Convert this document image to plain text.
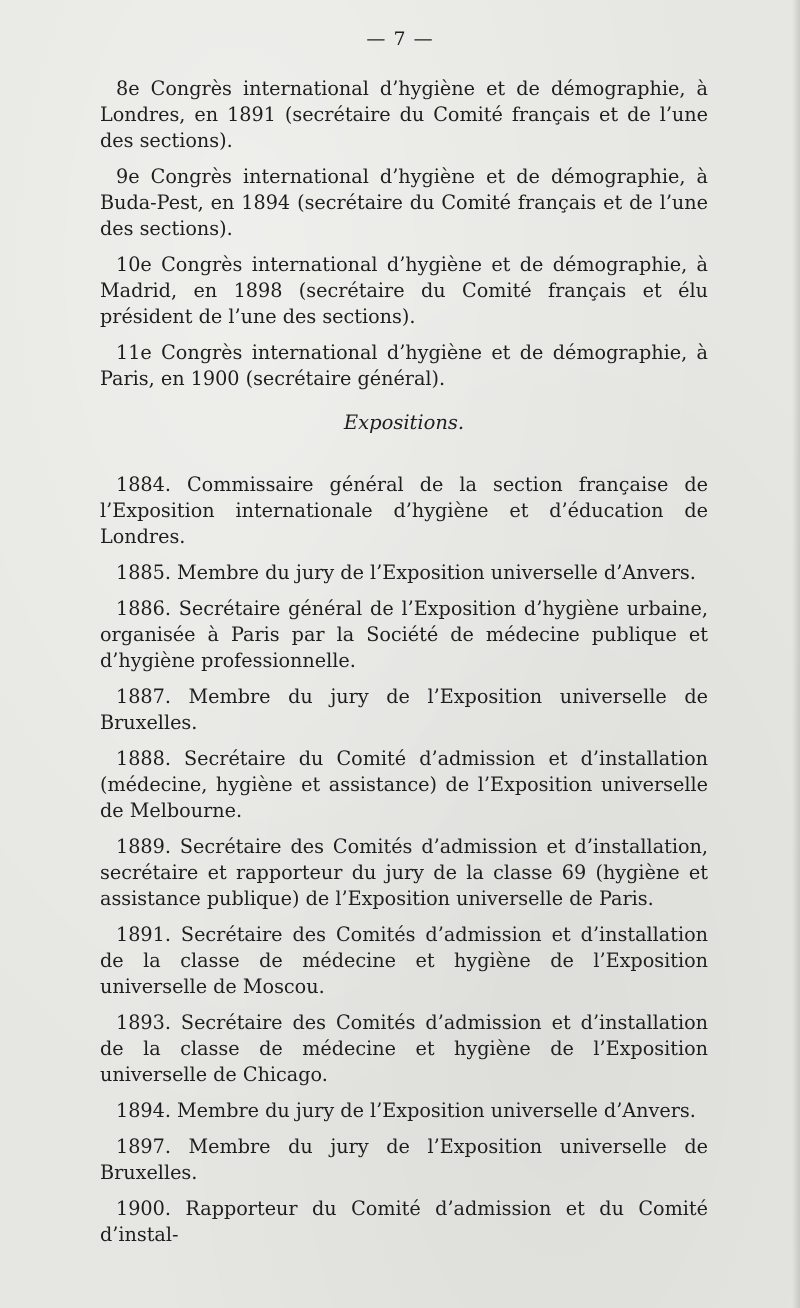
— 7 —

8e Congrès international d’hygiène et de démographie, à Londres, en 1891 (secrétaire du Comité français et de l’une des sections).

9e Congrès international d’hygiène et de démographie, à Buda-Pest, en 1894 (secrétaire du Comité français et de l’une des sections).

10e Congrès international d’hygiène et de démographie, à Madrid, en 1898 (secrétaire du Comité français et élu président de l’une des sections).

11e Congrès international d’hygiène et de démographie, à Paris, en 1900 (secrétaire général).

Expositions.

1884. Commissaire général de la section française de l’Exposition internationale d’hygiène et d’éducation de Londres.

1885. Membre du jury de l’Exposition universelle d’Anvers.

1886. Secrétaire général de l’Exposition d’hygiène urbaine, organisée à Paris par la Société de médecine publique et d’hygiène professionnelle.

1887. Membre du jury de l’Exposition universelle de Bruxelles.

1888. Secrétaire du Comité d’admission et d’installation (médecine, hygiène et assistance) de l’Exposition universelle de Melbourne.

1889. Secrétaire des Comités d’admission et d’installation, secrétaire et rapporteur du jury de la classe 69 (hygiène et assistance publique) de l’Exposition universelle de Paris.

1891. Secrétaire des Comités d’admission et d’installation de la classe de médecine et hygiène de l’Exposition universelle de Moscou.

1893. Secrétaire des Comités d’admission et d’installation de la classe de médecine et hygiène de l’Exposition universelle de Chicago.

1894. Membre du jury de l’Exposition universelle d’Anvers.

1897. Membre du jury de l’Exposition universelle de Bruxelles.

1900. Rapporteur du Comité d’admission et du Comité d’instal-
